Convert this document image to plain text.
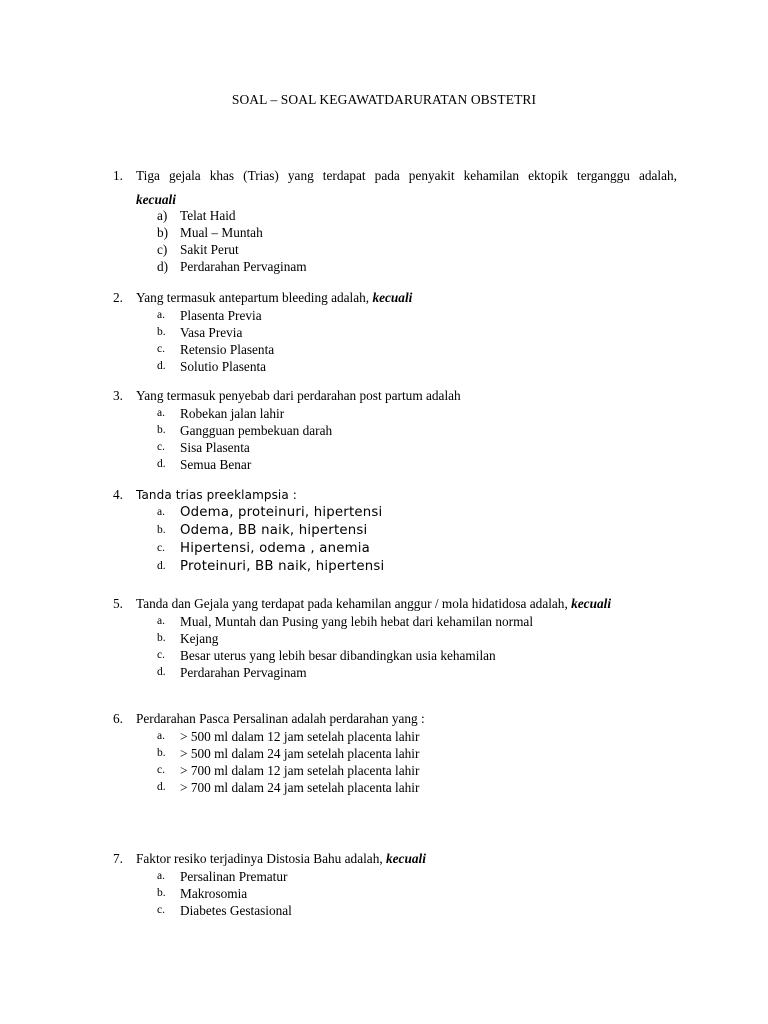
SOAL – SOAL KEGAWATDARURATAN OBSTETRI
1. Tiga gejala khas (Trias) yang terdapat pada penyakit kehamilan ektopik terganggu adalah,
kecuali
a) Telat Haid
b) Mual – Muntah
c) Sakit Perut
d) Perdarahan Pervaginam
2. Yang termasuk antepartum bleeding adalah, kecuali
a. Plasenta Previa
b. Vasa Previa
c. Retensio Plasenta
d. Solutio Plasenta
3. Yang termasuk penyebab dari perdarahan post partum adalah
a. Robekan jalan lahir
b. Gangguan pembekuan darah
c. Sisa Plasenta
d. Semua Benar
4. Tanda trias preeklampsia :
a. Odema, proteinuri, hipertensi
b. Odema, BB naik, hipertensi
c. Hipertensi, odema , anemia
d. Proteinuri, BB naik, hipertensi
5. Tanda dan Gejala yang terdapat pada kehamilan anggur / mola hidatidosa adalah, kecuali
a. Mual, Muntah dan Pusing yang lebih hebat dari kehamilan normal
b. Kejang
c. Besar uterus yang lebih besar dibandingkan usia kehamilan
d. Perdarahan Pervaginam
6. Perdarahan Pasca Persalinan adalah perdarahan yang :
a. > 500 ml dalam 12 jam setelah placenta lahir
b. > 500 ml dalam 24 jam setelah placenta lahir
c. > 700 ml dalam 12 jam setelah placenta lahir
d. > 700 ml dalam 24 jam setelah placenta lahir
7. Faktor resiko terjadinya Distosia Bahu adalah, kecuali
a. Persalinan Prematur
b. Makrosomia
c. Diabetes Gestasional
